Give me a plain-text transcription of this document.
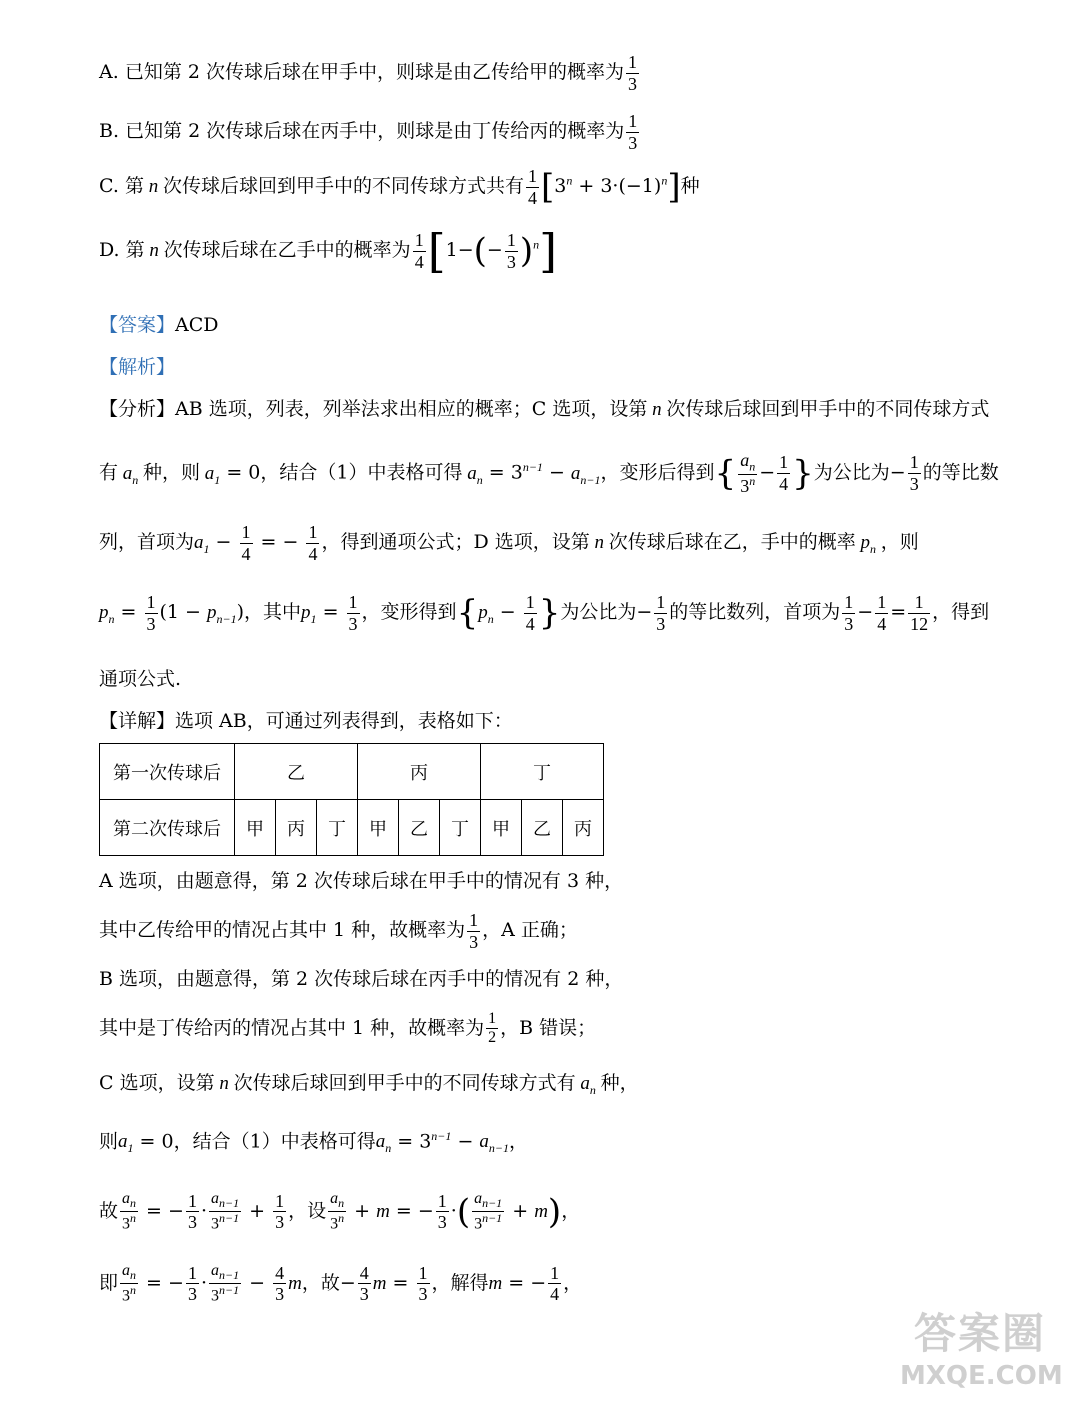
A. 已知第 2 次传球后球在甲手中，则球是由乙传给甲的概率为 $\frac{1}{3}$
B. 已知第 2 次传球后球在丙手中，则球是由丁传给丙的概率为 $\frac{1}{3}$
C. 第 n 次传球后球回到甲手中的不同传球方式共有 $\frac{1}{4} [3^n + 3\cdot(-1)^n]$种
D. 第 n 次传球后球在乙手中的概率为 $\frac{1}{4} [1-(- \frac{1}{3} )^n]$
【答案】ACD
【解析】
【分析】AB 选项，列表，列举法求出相应的概率；C 选项，设第 n 次传球后球回到甲手中的不同传球方式
有 $a_n$ 种，则 $a_1 = 0$，结合（1）中表格可得 $a_n = 3^{n-1} - a_{n-1}$，变形后得到{ $\frac{a_n}{3^n} - \frac{1}{4}$ }为公比为− $\frac{1}{3}$ 的等比数
列，首项为$a_1 - \frac{1}{4}$ = − $\frac{1}{4}$ ，得到通项公式；D 选项，设第 n 次传球后球在乙，手中的概率 $p_n$ ，则
$p_n = \frac{1}{3} (1 - p_{n-1})$，其中$p_1 = \frac{1}{3}$ ，变形得到{$p_n - \frac{1}{4}$ }为公比为− $\frac{1}{3}$ 的等比数列，首项为 $\frac{1}{3} - \frac{1}{4} = \frac{1}{12}$ ，得到
通项公式.
【详解】选项 AB，可通过列表得到，表格如下：
第一次传球后	乙			丙			丁		
第二次传球后	甲	丙	丁	甲	乙	丁	甲	乙	丙
A 选项，由题意得，第 2 次传球后球在甲手中的情况有 3 种，
其中乙传给甲的情况占其中 1 种，故概率为 $\frac{1}{3}$ ，A 正确；
B 选项，由题意得，第 2 次传球后球在丙手中的情况有 2 种，
其中是丁传给丙的情况占其中 1 种，故概率为 $\frac{1}{2}$ ，B 错误；
C 选项，设第 n 次传球后球回到甲手中的不同传球方式有 $a_n$ 种，
则$a_1 = 0$，结合（1）中表格可得$a_n = 3^{n-1} - a_{n-1}$，
故 $\frac{a_n}{3^n}$ = − $\frac{1}{3} \cdot \frac{a_{n-1}}{3^{n-1}} + \frac{1}{3}$ ，设 $\frac{a_n}{3^n} + m$ = − $\frac{1}{3}$ ·( $\frac{a_{n-1}}{3^{n-1}} + m$)，
即 $\frac{a_n}{3^n}$ = − $\frac{1}{3} \cdot \frac{a_{n-1}}{3^{n-1}} - \frac{4}{3}$ m，故− $\frac{4}{3}$ $m = \frac{1}{3}$ ，解得m = − $\frac{1}{4}$ ，
答案圈
MXQE.COM
